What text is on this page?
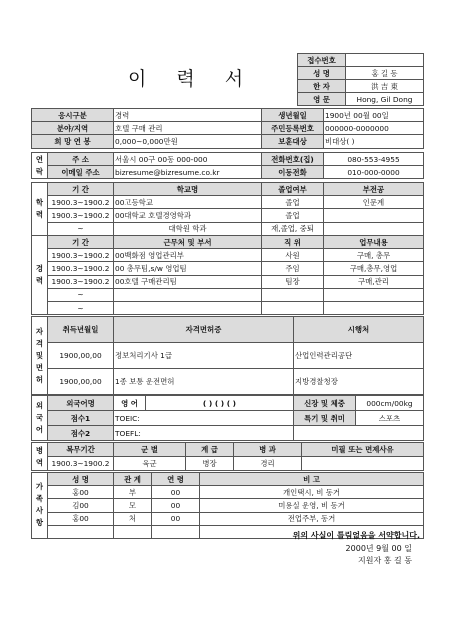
이 력 서
접수번호	
성 명	홍 길 동
한 자	洪 吉 東
영 문	Hong, Gil Dong
응시구분	경력	생년월일	1900년 00월 00일
분야/지역	호텔 구매 관리	주민등록번호	000000-0000000
희 망 연 봉	0,000~0,000만원	보훈대상	비대상( )
연락	주 소	서울시 00구 00동 000-000	전화번호(집)	080-553-4955
	이메일 주소	bizresume@bizresume.co.kr	이동전화	010-000-0000
학력	기 간	학교명	졸업여부	부전공
	1900.3~1900.2	00고등학교	졸업	인문계
	1900.3~1900.2	00대학교 호텔경영학과	졸업	
	~	대학원 학과	재,졸업, 중퇴	
경력	기 간	근무처 및 부서	직 위	업무내용
	1900.3~1900.2	00백화점 영업관리부	사원	구매, 총무
	1900.3~1900.2	00 총무팀,s/w 영업팀	주임	구매,총무,영업
	1900.3~1900.2	00호텔 구매관리팀	팀장	구매,관리
	~			
	~			
자격및면허	취득년월일	자격면허증	시행처
	1900,00,00	정보처리기사 1급	산업인력관리공단
	1900,00,00	1종 보통 운전면허	지방경찰청장
외국어	외국어명	영 어	( ) ( ) ( )	신장 및 체중	000cm/00kg
	점수1	TOEIC:		특기 및 취미	스포츠
	점수2	TOEFL:			
병역	복무기간	군 별	계 급	병 과	미필 또는 면제사유
	1900.3~1900.2	육군	병장	경리	
가족사항	성 명	관 계	연 령	비 고
	홍00	부	00	개인택시, 비 동거
	김00	모	00	미용실 운영, 비 동거
	홍00	처	00	전업주부, 동거

위의 사실이 틀림없음을 서약합니다.
2000년 9월 00 일
지원자 홍 길 동
